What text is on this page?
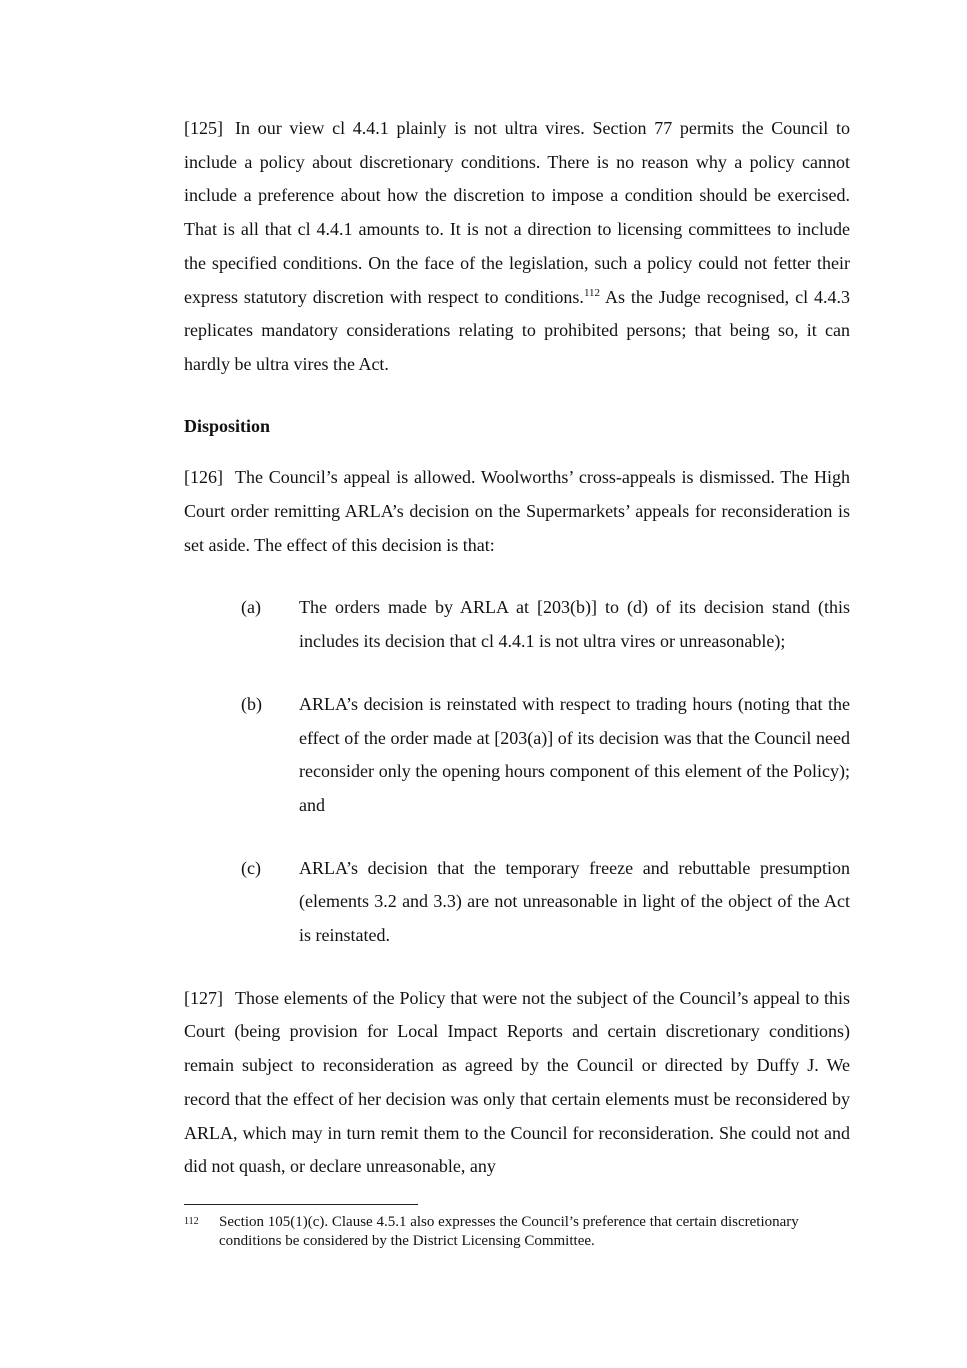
[125] In our view cl 4.4.1 plainly is not ultra vires. Section 77 permits the Council to include a policy about discretionary conditions. There is no reason why a policy cannot include a preference about how the discretion to impose a condition should be exercised. That is all that cl 4.4.1 amounts to. It is not a direction to licensing committees to include the specified conditions. On the face of the legislation, such a policy could not fetter their express statutory discretion with respect to conditions.$^{112}$ As the Judge recognised, cl 4.4.3 replicates mandatory considerations relating to prohibited persons; that being so, it can hardly be ultra vires the Act.

Disposition

[126] The Council’s appeal is allowed. Woolworths’ cross-appeals is dismissed. The High Court order remitting ARLA’s decision on the Supermarkets’ appeals for reconsideration is set aside. The effect of this decision is that:

(a) The orders made by ARLA at [203(b)] to (d) of its decision stand (this includes its decision that cl 4.4.1 is not ultra vires or unreasonable);
(b) ARLA’s decision is reinstated with respect to trading hours (noting that the effect of the order made at [203(a)] of its decision was that the Council need reconsider only the opening hours component of this element of the Policy); and
(c) ARLA’s decision that the temporary freeze and rebuttable presumption (elements 3.2 and 3.3) are not unreasonable in light of the object of the Act is reinstated.

[127] Those elements of the Policy that were not the subject of the Council’s appeal to this Court (being provision for Local Impact Reports and certain discretionary conditions) remain subject to reconsideration as agreed by the Council or directed by Duffy J. We record that the effect of her decision was only that certain elements must be reconsidered by ARLA, which may in turn remit them to the Council for reconsideration. She could not and did not quash, or declare unreasonable, any

112	Section 105(1)(c). Clause 4.5.1 also expresses the Council’s preference that certain discretionary conditions be considered by the District Licensing Committee.
